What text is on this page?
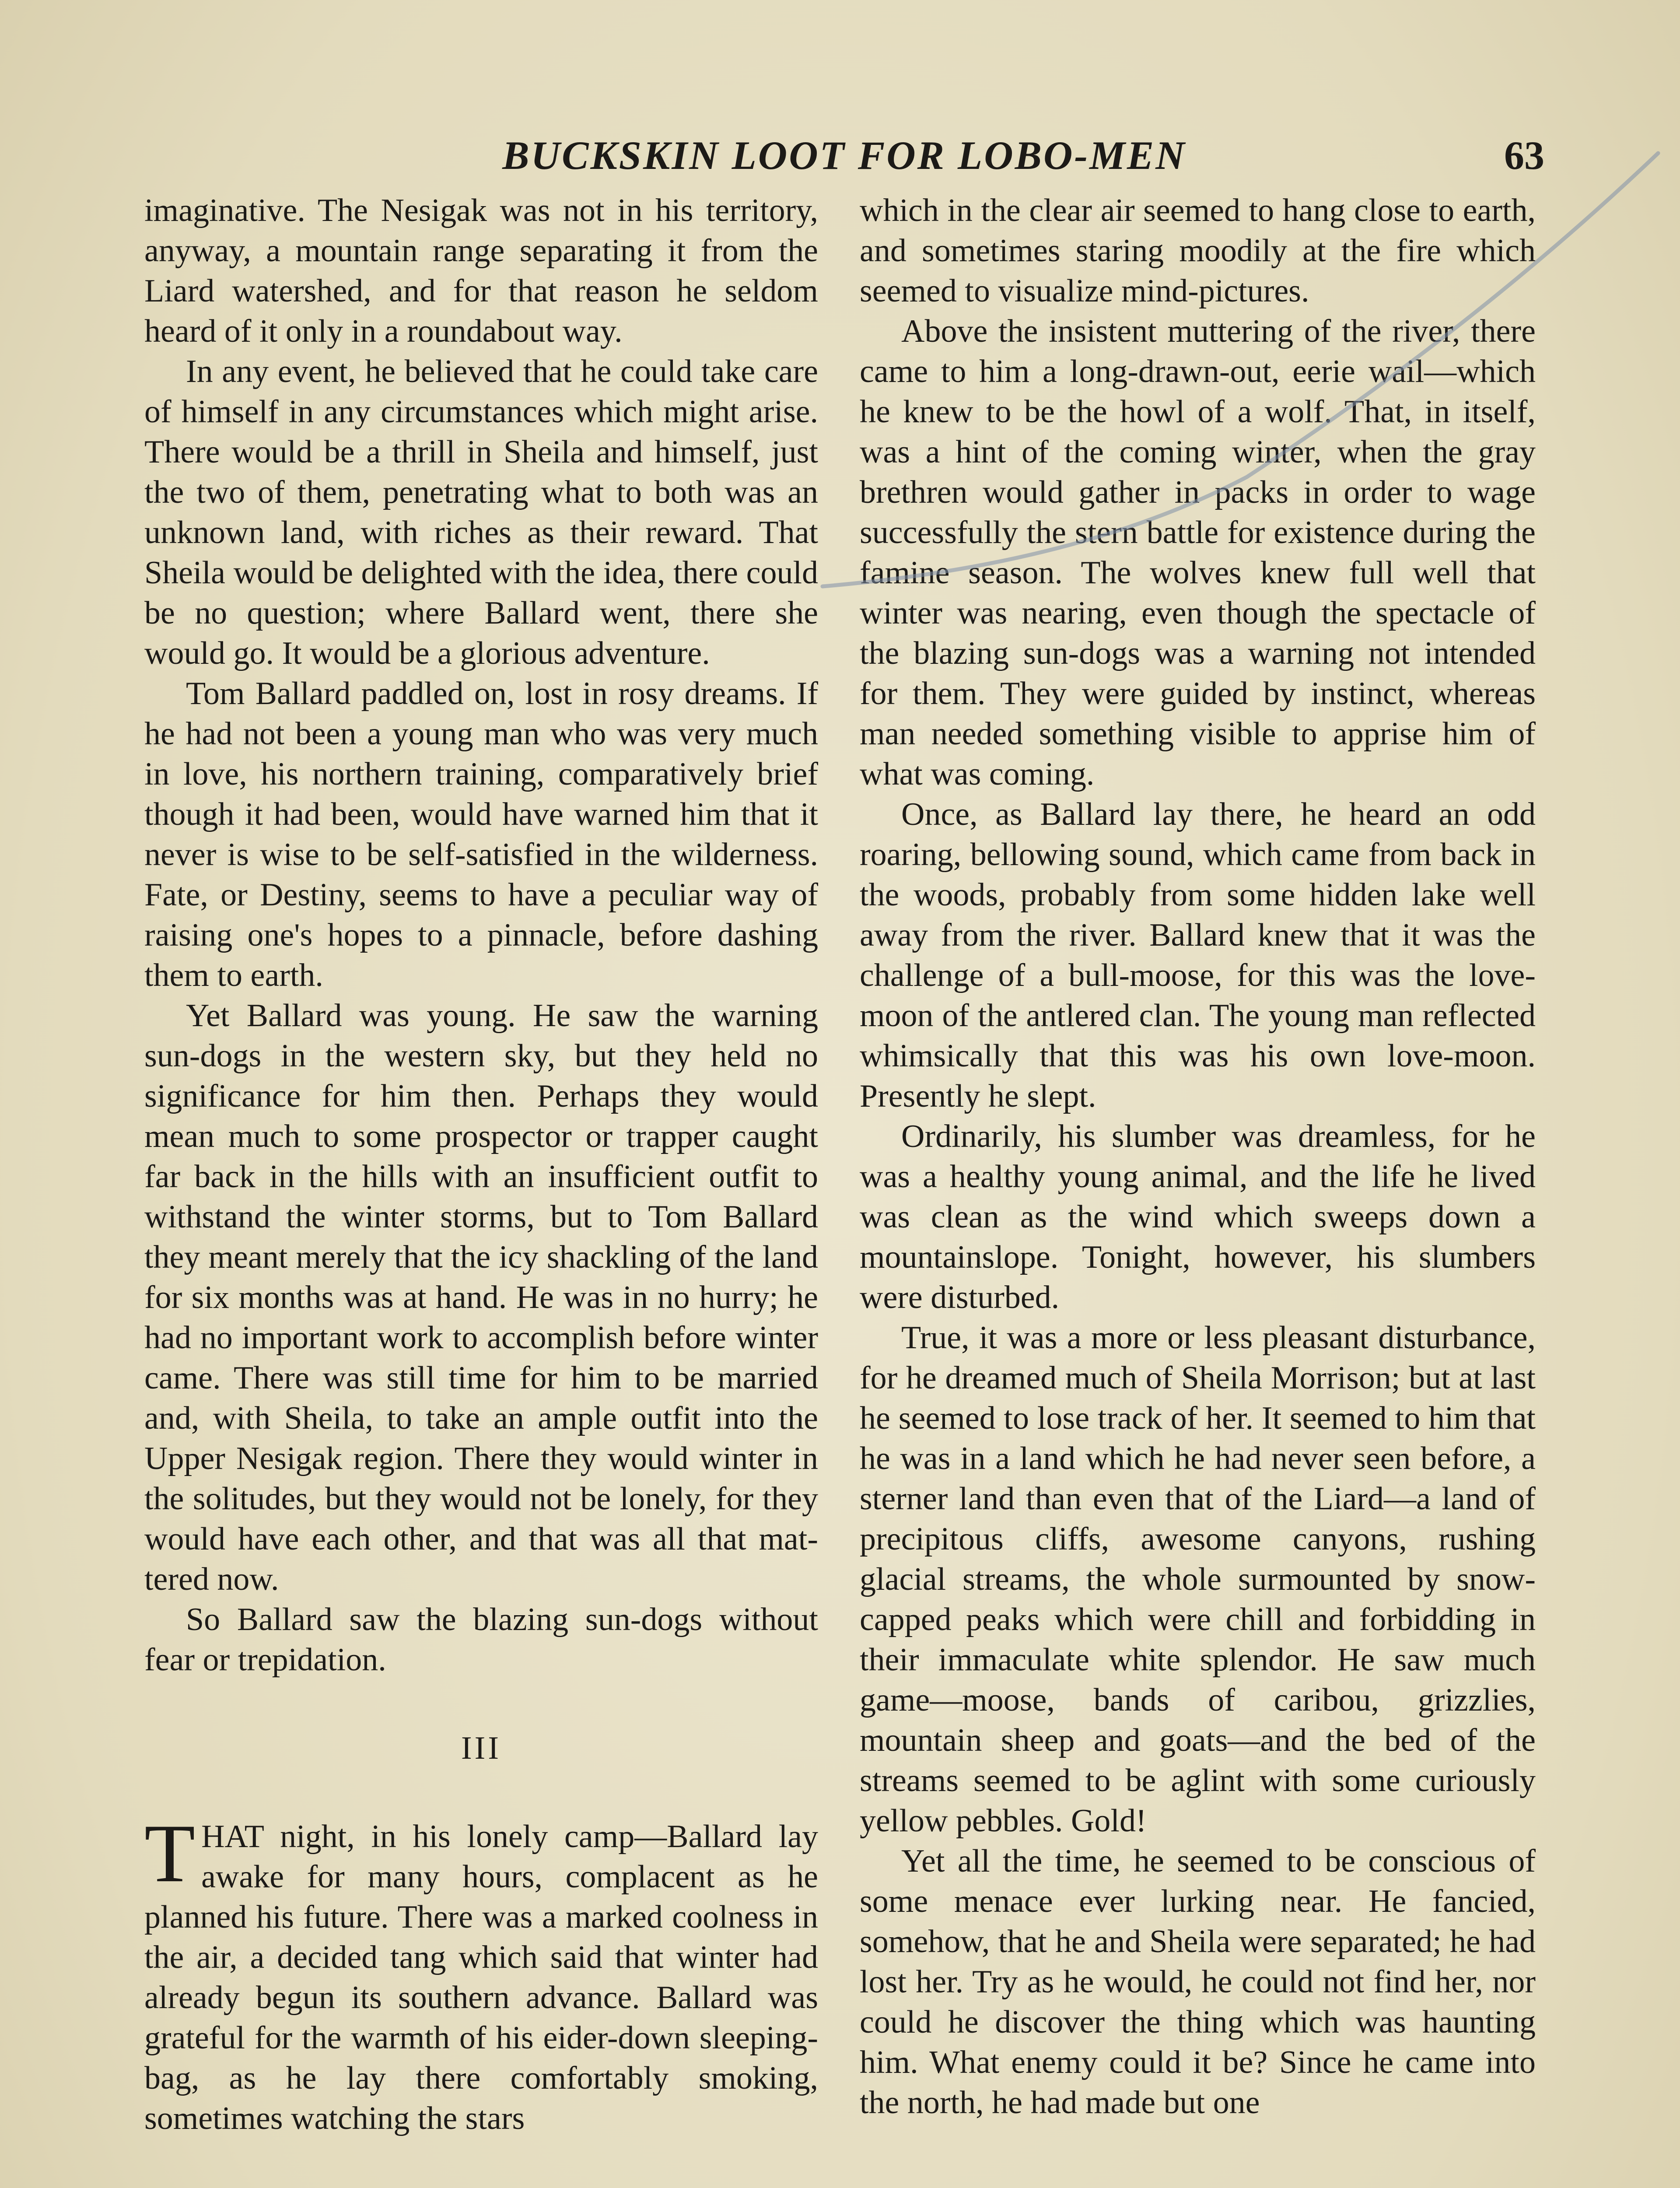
BUCKSKIN LOOT FOR LOBO-MEN	63

imaginative. The Nesigak was not in his territory, anyway, a mountain range separating it from the Liard watershed, and for that reason he seldom heard of it only in a roundabout way.

In any event, he believed that he could take care of himself in any circumstances which might arise. There would be a thrill in Sheila and himself, just the two of them, penetrating what to both was an unknown land, with riches as their reward. That Sheila would be delighted with the idea, there could be no question; where Ballard went, there she would go. It would be a glorious adventure.

Tom Ballard paddled on, lost in rosy dreams. If he had not been a young man who was very much in love, his northern training, comparatively brief though it had been, would have warned him that it never is wise to be self-satisfied in the wilderness. Fate, or Destiny, seems to have a peculiar way of raising one's hopes to a pinnacle, before dashing them to earth.

Yet Ballard was young. He saw the warning sun-dogs in the western sky, but they held no significance for him then. Perhaps they would mean much to some prospector or trapper caught far back in the hills with an insufficient outfit to withstand the winter storms, but to Tom Ballard they meant merely that the icy shackling of the land for six months was at hand. He was in no hurry; he had no important work to accomplish before winter came. There was still time for him to be married and, with Sheila, to take an ample outfit into the Upper Nesigak region. There they would winter in the solitudes, but they would not be lonely, for they would have each other, and that was all that mattered now.

So Ballard saw the blazing sun-dogs without fear or trepidation.

III

THAT night, in his lonely camp—Ballard lay awake for many hours, complacent as he planned his future. There was a marked coolness in the air, a decided tang which said that winter had already begun its southern advance. Ballard was grateful for the warmth of his eider-down sleeping-bag, as he lay there comfortably smoking, sometimes watching the stars

which in the clear air seemed to hang close to earth, and sometimes staring moodily at the fire which seemed to visualize mind-pictures.

Above the insistent muttering of the river, there came to him a long-drawn-out, eerie wail—which he knew to be the howl of a wolf. That, in itself, was a hint of the coming winter, when the gray brethren would gather in packs in order to wage successfully the stern battle for existence during the famine season. The wolves knew full well that winter was nearing, even though the spectacle of the blazing sun-dogs was a warning not intended for them. They were guided by instinct, whereas man needed something visible to apprise him of what was coming.

Once, as Ballard lay there, he heard an odd roaring, bellowing sound, which came from back in the woods, probably from some hidden lake well away from the river. Ballard knew that it was the challenge of a bull-moose, for this was the love-moon of the antlered clan. The young man reflected whimsically that this was his own love-moon. Presently he slept.

Ordinarily, his slumber was dreamless, for he was a healthy young animal, and the life he lived was clean as the wind which sweeps down a mountainslope. Tonight, however, his slumbers were disturbed.

True, it was a more or less pleasant disturbance, for he dreamed much of Sheila Morrison; but at last he seemed to lose track of her. It seemed to him that he was in a land which he had never seen before, a sterner land than even that of the Liard—a land of precipitous cliffs, awesome canyons, rushing glacial streams, the whole surmounted by snow-capped peaks which were chill and forbidding in their immaculate white splendor. He saw much game—moose, bands of caribou, grizzlies, mountain sheep and goats—and the bed of the streams seemed to be aglint with some curiously yellow pebbles. Gold!

Yet all the time, he seemed to be conscious of some menace ever lurking near. He fancied, somehow, that he and Sheila were separated; he had lost her. Try as he would, he could not find her, nor could he discover the thing which was haunting him. What enemy could it be? Since he came into the north, he had made but one
